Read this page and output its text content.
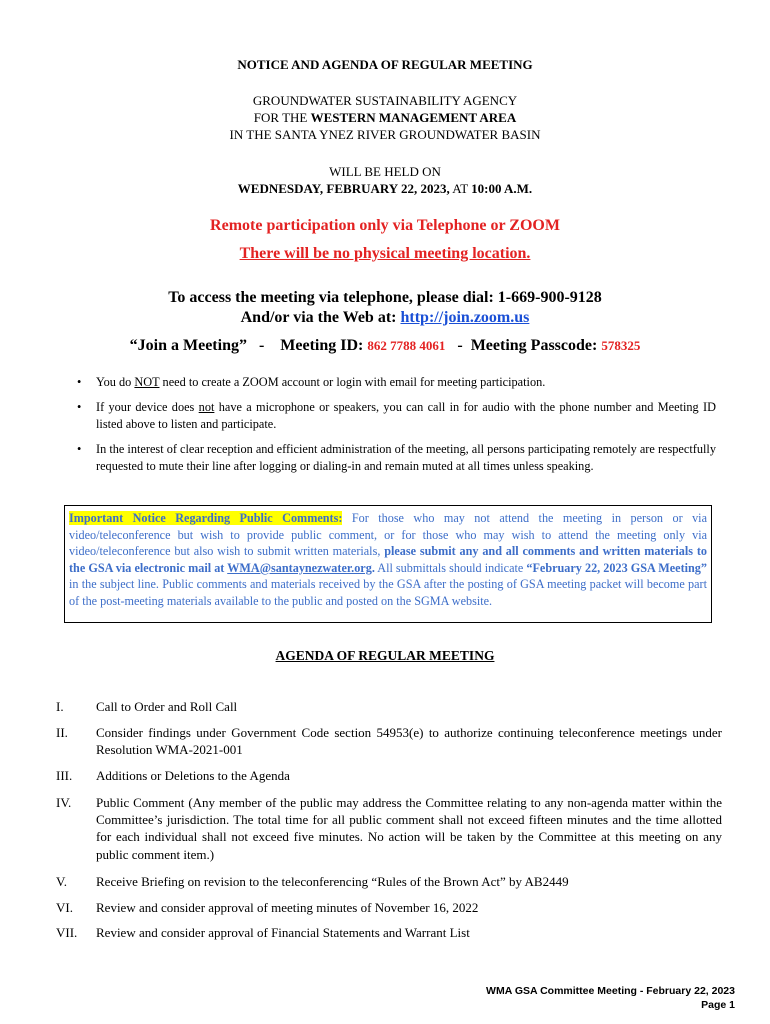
NOTICE AND AGENDA OF REGULAR MEETING
GROUNDWATER SUSTAINABILITY AGENCY
FOR THE WESTERN MANAGEMENT AREA
IN THE SANTA YNEZ RIVER GROUNDWATER BASIN
WILL BE HELD ON
WEDNESDAY, FEBRUARY 22, 2023, AT 10:00 A.M.
Remote participation only via Telephone or ZOOM
There will be no physical meeting location.
To access the meeting via telephone, please dial: 1-669-900-9128
And/or via the Web at: http://join.zoom.us
“Join a Meeting”   -    Meeting ID: 862 7788 4061   -  Meeting Passcode: 578325
• You do NOT need to create a ZOOM account or login with email for meeting participation.
• If your device does not have a microphone or speakers, you can call in for audio with the phone number and Meeting ID listed above to listen and participate.
• In the interest of clear reception and efficient administration of the meeting, all persons participating remotely are respectfully requested to mute their line after logging or dialing-in and remain muted at all times unless speaking.
Important Notice Regarding Public Comments: For those who may not attend the meeting in person or via video/teleconference but wish to provide public comment, or for those who may wish to attend the meeting only via video/teleconference but also wish to submit written materials, please submit any and all comments and written materials to the GSA via electronic mail at WMA@santaynezwater.org. All submittals should indicate “February 22, 2023 GSA Meeting” in the subject line. Public comments and materials received by the GSA after the posting of GSA meeting packet will become part of the post-meeting materials available to the public and posted on the SGMA website.
AGENDA OF REGULAR MEETING
I. Call to Order and Roll Call
II. Consider findings under Government Code section 54953(e) to authorize continuing teleconference meetings under Resolution WMA-2021-001
III. Additions or Deletions to the Agenda
IV. Public Comment (Any member of the public may address the Committee relating to any non-agenda matter within the Committee’s jurisdiction. The total time for all public comment shall not exceed fifteen minutes and the time allotted for each individual shall not exceed five minutes. No action will be taken by the Committee at this meeting on any public comment item.)
V. Receive Briefing on revision to the teleconferencing “Rules of the Brown Act” by AB2449
VI. Review and consider approval of meeting minutes of November 16, 2022
VII. Review and consider approval of Financial Statements and Warrant List
WMA GSA Committee Meeting - February 22, 2023
Page 1
